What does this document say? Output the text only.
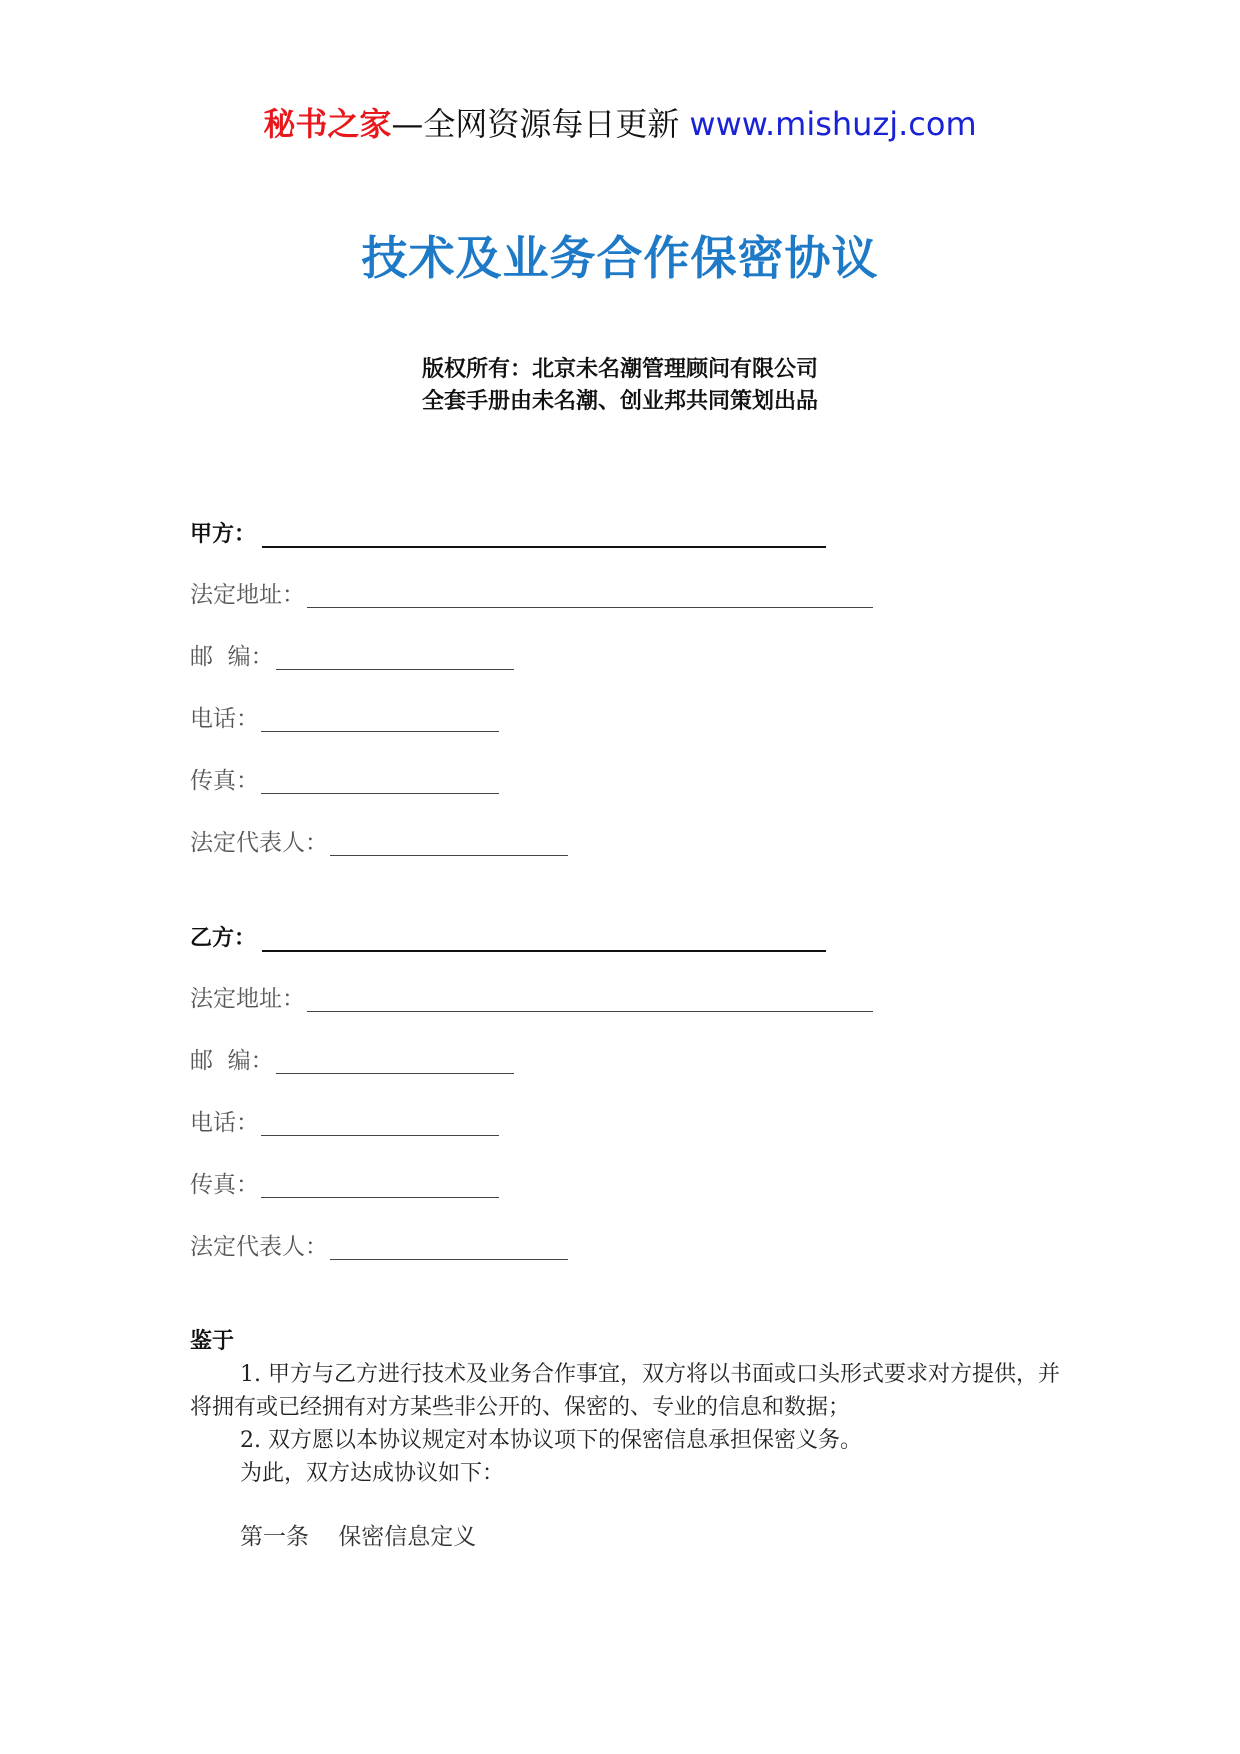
秘书之家—全网资源每日更新 www.mishuzj.com
技术及业务合作保密协议
版权所有：北京未名潮管理顾问有限公司
全套手册由未名潮、创业邦共同策划出品
甲方：
法定地址：
邮  编：
电话：
传真：
法定代表人：
乙方：
法定地址：
邮  编：
电话：
传真：
法定代表人：
鉴于
1. 甲方与乙方进行技术及业务合作事宜，双方将以书面或口头形式要求对方提供，并将拥有或已经拥有对方某些非公开的、保密的、专业的信息和数据；
2. 双方愿以本协议规定对本协议项下的保密信息承担保密义务。
为此，双方达成协议如下：
第一条    保密信息定义
